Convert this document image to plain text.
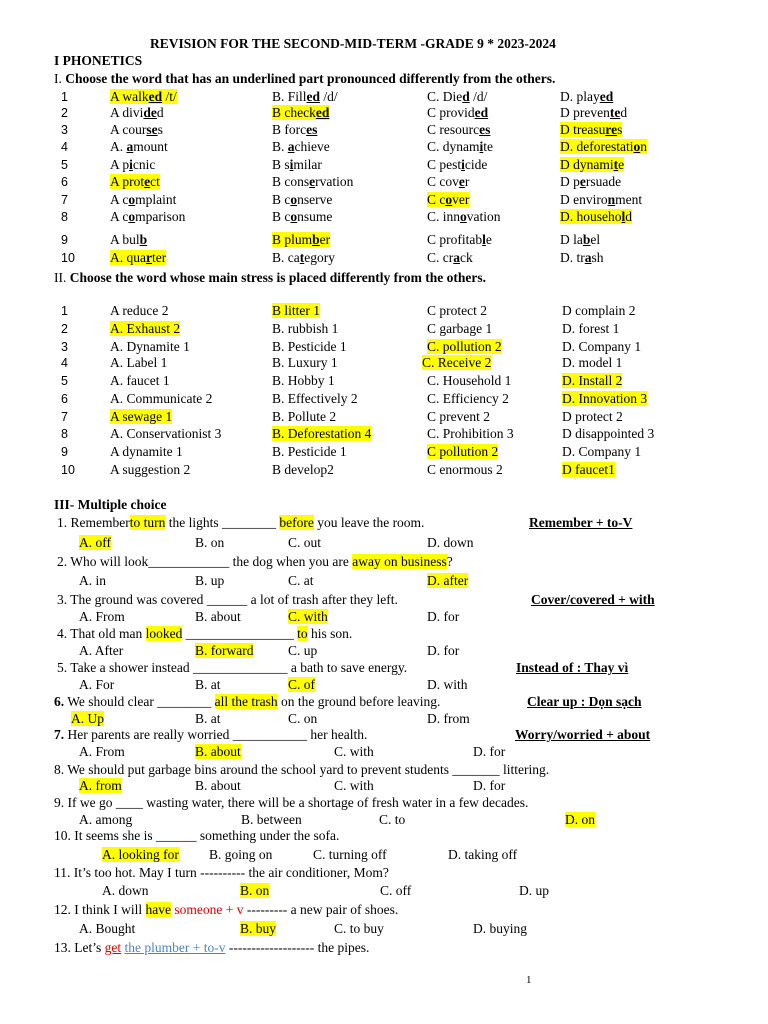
REVISION FOR THE SECOND-MID-TERM -GRADE 9 * 2023-2024
I PHONETICS
I. Choose the word that has an underlined part pronounced differently from the others.
1	A walked /t/	B. Filled /d/	C. Died /d/	D. played
2	A divided	B checked	C provided	D prevented
3	A courses	B forces	C resources	D treasures
4	A. amount	B. achieve	C. dynamite	D. deforestation
5	A picnic	B similar	C pesticide	D dynamite
6	A protect	B conservation	C cover	D persuade
7	A complaint	B conserve	C cover	D environment
8	A comparison	B consume	C. innovation	D. household
9	A bulb	B plumber	C profitable	D label
10	A. quarter	B. category	C. crack	D. trash
II. Choose the word whose main stress is placed differently from the others.
1	A reduce 2	B litter 1	C protect 2	D complain 2
2	A. Exhaust 2	B. rubbish 1	C garbage 1	D. forest 1
3	A. Dynamite 1	B. Pesticide 1	C. pollution 2	D. Company 1
4	A. Label 1	B. Luxury 1	C. Receive 2	D. model 1
5	A. faucet 1	B. Hobby 1	C. Household 1	D. Install 2
6	A. Communicate 2	B. Effectively 2	C. Efficiency 2	D. Innovation 3
7	A sewage 1	B. Pollute 2	C prevent 2	D protect 2
8	A. Conservationist 3	B. Deforestation 4	C. Prohibition 3	D disappointed 3
9	A dynamite 1	B. Pesticide 1	C pollution 2	D. Company 1
10	A suggestion 2	B develop2	C enormous 2	D faucet1
III- Multiple choice
1. Rememberto turn the lights ________ before you leave the room.	Remember + to-V
A. off	B. on	C. out	D. down
2. Who will look____________ the dog when you are away on business?
A. in	B. up	C. at	D. after
3. The ground was covered ______ a lot of trash after they left.	Cover/covered + with
A. From	B. about	C. with	D. for
4. That old man looked ________________ to his son.
A. After	B. forward	C. up	D. for
5. Take a shower instead ______________ a bath to save energy.	Instead of : Thay vì
A. For	B. at	C. of	D. with
6. We should clear ________ all the trash on the ground before leaving.	Clear up : Dọn sạch
A. Up	B. at	C. on	D. from
7. Her parents are really worried ___________ her health.	Worry/worried + about
A. From	B. about	C. with	D. for
8. We should put garbage bins around the school yard to prevent students _______ littering.
A. from	B. about	C. with	D. for
9. If we go ____ wasting water, there will be a shortage of fresh water in a few decades.
A. among	B. between	C. to	D. on
10. It seems she is ______ something under the sofa.
A. looking for B. going on	C. turning off	D. taking off
11. It’s too hot. May I turn ---------- the air conditioner, Mom?
A. down	B. on	C. off	D. up
12. I think I will have someone + v --------- a new pair of shoes.
A. Bought	B. buy	C. to buy	D. buying
13. Let’s get the plumber + to-v ------------------- the pipes.
1
